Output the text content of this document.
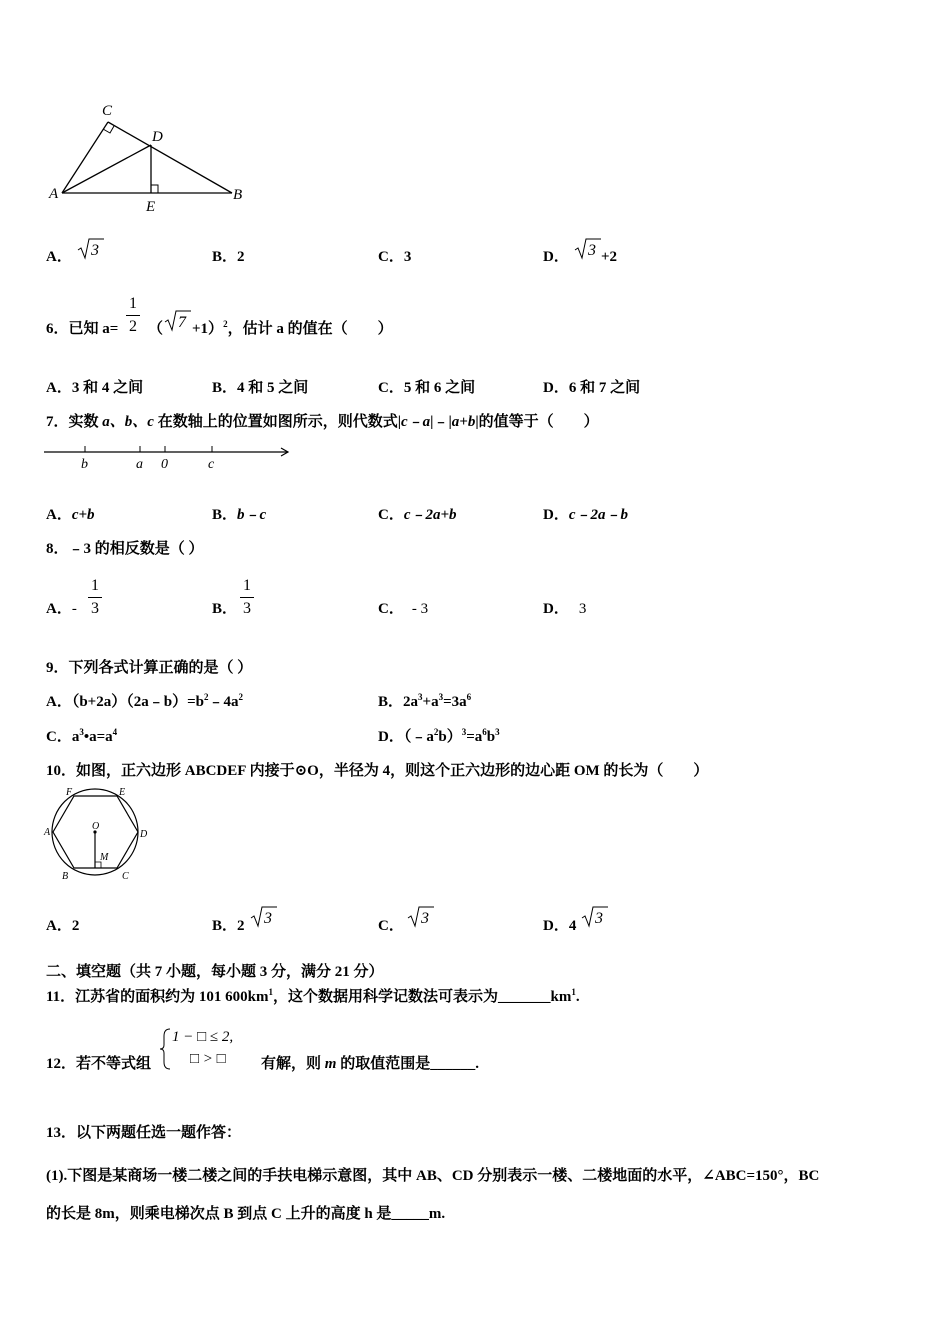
C
D
A
E
B
A． 3	B．2	C．3	D． 3 +2
6．已知 a=
1
2 （ 7 +1）$^2$，估计 a 的值在（　　）
A．3 和 4 之间	B．4 和 5 之间	C．5 和 6 之间	D．6 和 7 之间
7．实数 a、b、c 在数轴上的位置如图所示，则代数式|c﹣a|﹣|a+b|的值等于（　　）
b	a 0	c
A．c+b	B．b﹣c	C．c﹣2a+b	D．c﹣2a﹣b
8．﹣3 的相反数是（ ）
A．-
1
3	B．
1
3	C． - 3	D． 3
9．下列各式计算正确的是（ ）
A．$(b+2a)(2a﹣b)=b^2﹣4a^2$	B．$2a^3+a^3=3a^6$
C．$a^3•a=a^4$	D．$(﹣a^2b)^3=a^6b^3$
10．如图，正六边形 ABCDEF 内接于⊙O，半径为 4，则这个正六边形的边心距 OM 的长为（　　）
F	E
A	D
O
M
B	C
A．2	B．2 3	C． 3	D．4 3
二、填空题（共 7 小题，每小题 3 分，满分 21 分）
11．江苏省的面积约为 101 $600km^1$，这个数据用科学记数法可表示为$\_\_\_\_\_\_\_km^1$.
12．若不等式组
1 − □ ≤ 2,
□ > □ 有解，则 m 的取值范围是______.
13．以下两题任选一题作答：
(1).下图是某商场一楼二楼之间的手扶电梯示意图，其中 AB、CD 分别表示一楼、二楼地面的水平，∠ABC=150°，BC
的长是 8m，则乘电梯次点 B 到点 C 上升的高度 h 是_____m.
